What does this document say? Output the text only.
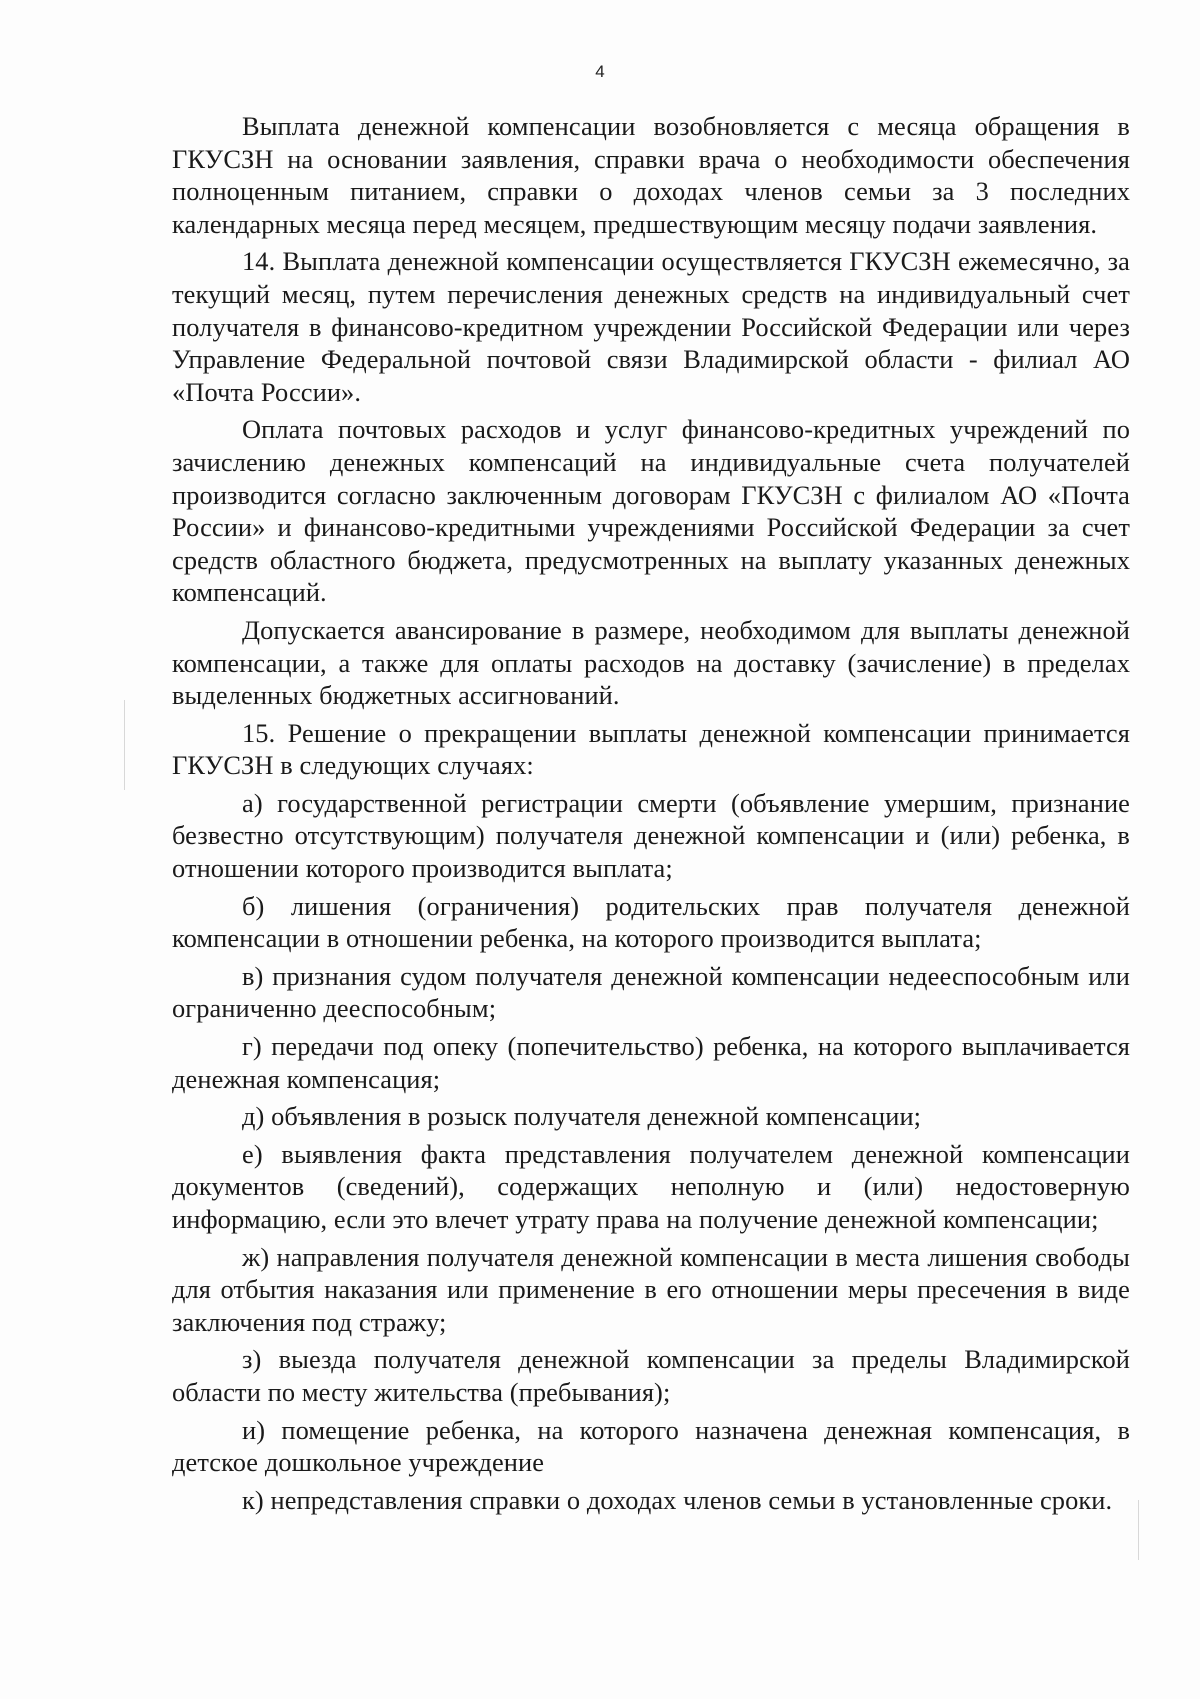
4

Выплата денежной компенсации возобновляется с месяца обращения в ГКУСЗН на основании заявления, справки врача о необходимости обеспечения полноценным питанием, справки о доходах членов семьи за 3 последних календарных месяца перед месяцем, предшествующим месяцу подачи заявления.

14. Выплата денежной компенсации осуществляется ГКУСЗН ежемесячно, за текущий месяц, путем перечисления денежных средств на индивидуальный счет получателя в финансово-кредитном учреждении Российской Федерации или через Управление Федеральной почтовой связи Владимирской области - филиал АО «Почта России».

Оплата почтовых расходов и услуг финансово-кредитных учреждений по зачислению денежных компенсаций на индивидуальные счета получателей производится согласно заключенным договорам ГКУСЗН с филиалом АО «Почта России» и финансово-кредитными учреждениями Российской Федерации за счет средств областного бюджета, предусмотренных на выплату указанных денежных компенсаций.

Допускается авансирование в размере, необходимом для выплаты денежной компенсации, а также для оплаты расходов на доставку (зачисление) в пределах выделенных бюджетных ассигнований.

15. Решение о прекращении выплаты денежной компенсации принимается ГКУСЗН в следующих случаях:

а) государственной регистрации смерти (объявление умершим, признание безвестно отсутствующим) получателя денежной компенсации и (или) ребенка, в отношении которого производится выплата;

б) лишения (ограничения) родительских прав получателя денежной компенсации в отношении ребенка, на которого производится выплата;

в) признания судом получателя денежной компенсации недееспособным или ограниченно дееспособным;

г) передачи под опеку (попечительство) ребенка, на которого выплачивается денежная компенсация;

д) объявления в розыск получателя денежной компенсации;

е) выявления факта представления получателем денежной компенсации документов (сведений), содержащих неполную и (или) недостоверную информацию, если это влечет утрату права на получение денежной компенсации;

ж) направления получателя денежной компенсации в места лишения свободы для отбытия наказания или применение в его отношении меры пресечения в виде заключения под стражу;

з) выезда получателя денежной компенсации за пределы Владимирской области по месту жительства (пребывания);

и) помещение ребенка, на которого назначена денежная компенсация, в детское дошкольное учреждение

к) непредставления справки о доходах членов семьи в установленные сроки.
